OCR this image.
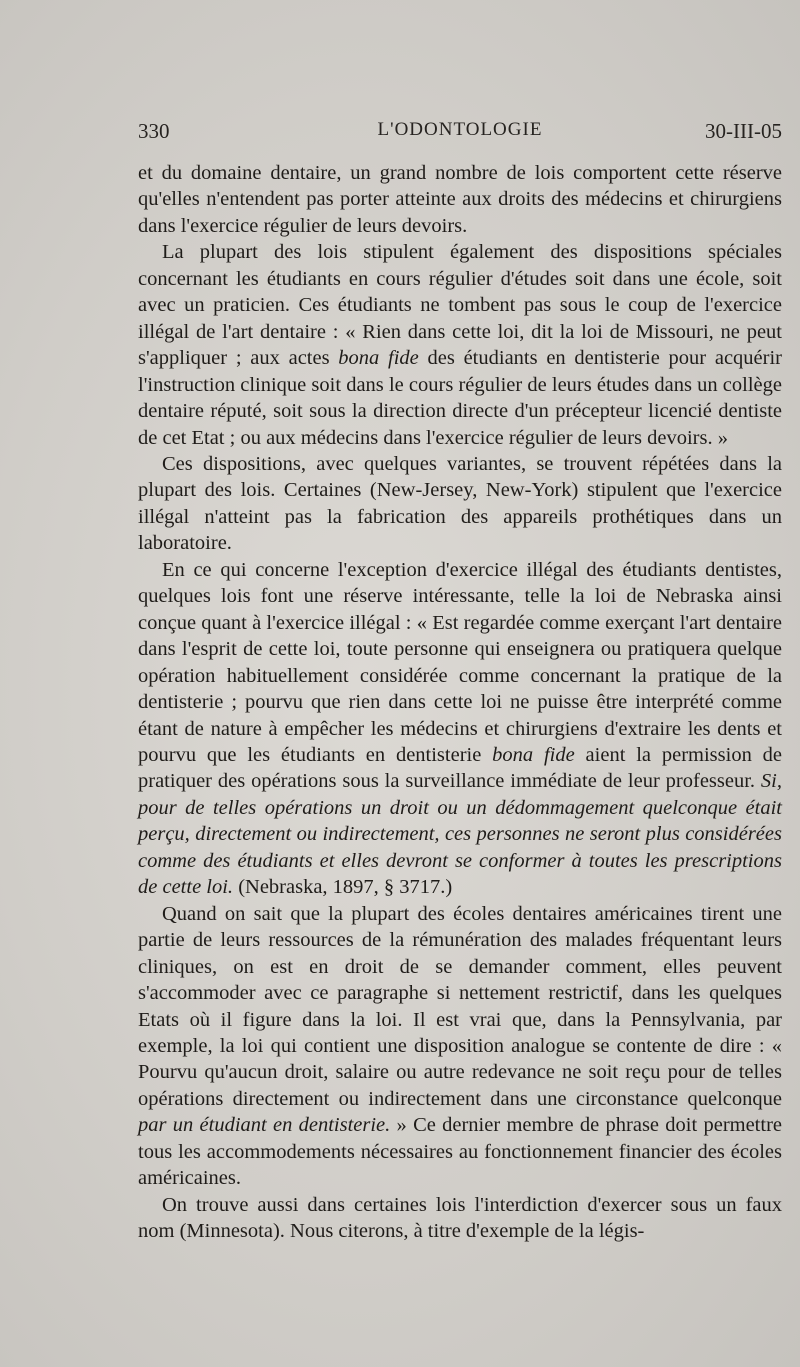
330	L'ODONTOLOGIE	30-III-05

et du domaine dentaire, un grand nombre de lois comportent cette réserve qu'elles n'entendent pas porter atteinte aux droits des médecins et chirurgiens dans l'exercice régulier de leurs devoirs.

La plupart des lois stipulent également des dispositions spéciales concernant les étudiants en cours régulier d'études soit dans une école, soit avec un praticien. Ces étudiants ne tombent pas sous le coup de l'exercice illégal de l'art dentaire : « Rien dans cette loi, dit la loi de Missouri, ne peut s'appliquer ; aux actes bona fide des étudiants en dentisterie pour acquérir l'instruction clinique soit dans le cours régulier de leurs études dans un collège dentaire réputé, soit sous la direction directe d'un précepteur licencié dentiste de cet Etat ; ou aux médecins dans l'exercice régulier de leurs devoirs. »

Ces dispositions, avec quelques variantes, se trouvent répétées dans la plupart des lois. Certaines (New-Jersey, New-York) stipulent que l'exercice illégal n'atteint pas la fabrication des appareils prothétiques dans un laboratoire.

En ce qui concerne l'exception d'exercice illégal des étudiants dentistes, quelques lois font une réserve intéressante, telle la loi de Nebraska ainsi conçue quant à l'exercice illégal : « Est regardée comme exerçant l'art dentaire dans l'esprit de cette loi, toute personne qui enseignera ou pratiquera quelque opération habituellement considérée comme concernant la pratique de la dentisterie ; pourvu que rien dans cette loi ne puisse être interprété comme étant de nature à empêcher les médecins et chirurgiens d'extraire les dents et pourvu que les étudiants en dentisterie bona fide aient la permission de pratiquer des opérations sous la surveillance immédiate de leur professeur. Si, pour de telles opérations un droit ou un dédommagement quelconque était perçu, directement ou indirectement, ces personnes ne seront plus considérées comme des étudiants et elles devront se conformer à toutes les prescriptions de cette loi. (Nebraska, 1897, § 3717.)

Quand on sait que la plupart des écoles dentaires américaines tirent une partie de leurs ressources de la rémunération des malades fréquentant leurs cliniques, on est en droit de se demander comment, elles peuvent s'accommoder avec ce paragraphe si nettement restrictif, dans les quelques Etats où il figure dans la loi. Il est vrai que, dans la Pennsylvania, par exemple, la loi qui contient une disposition analogue se contente de dire : « Pourvu qu'aucun droit, salaire ou autre redevance ne soit reçu pour de telles opérations directement ou indirectement dans une circonstance quelconque par un étudiant en dentisterie. » Ce dernier membre de phrase doit permettre tous les accommodements nécessaires au fonctionnement financier des écoles américaines.

On trouve aussi dans certaines lois l'interdiction d'exercer sous un faux nom (Minnesota). Nous citerons, à titre d'exemple de la légis-
